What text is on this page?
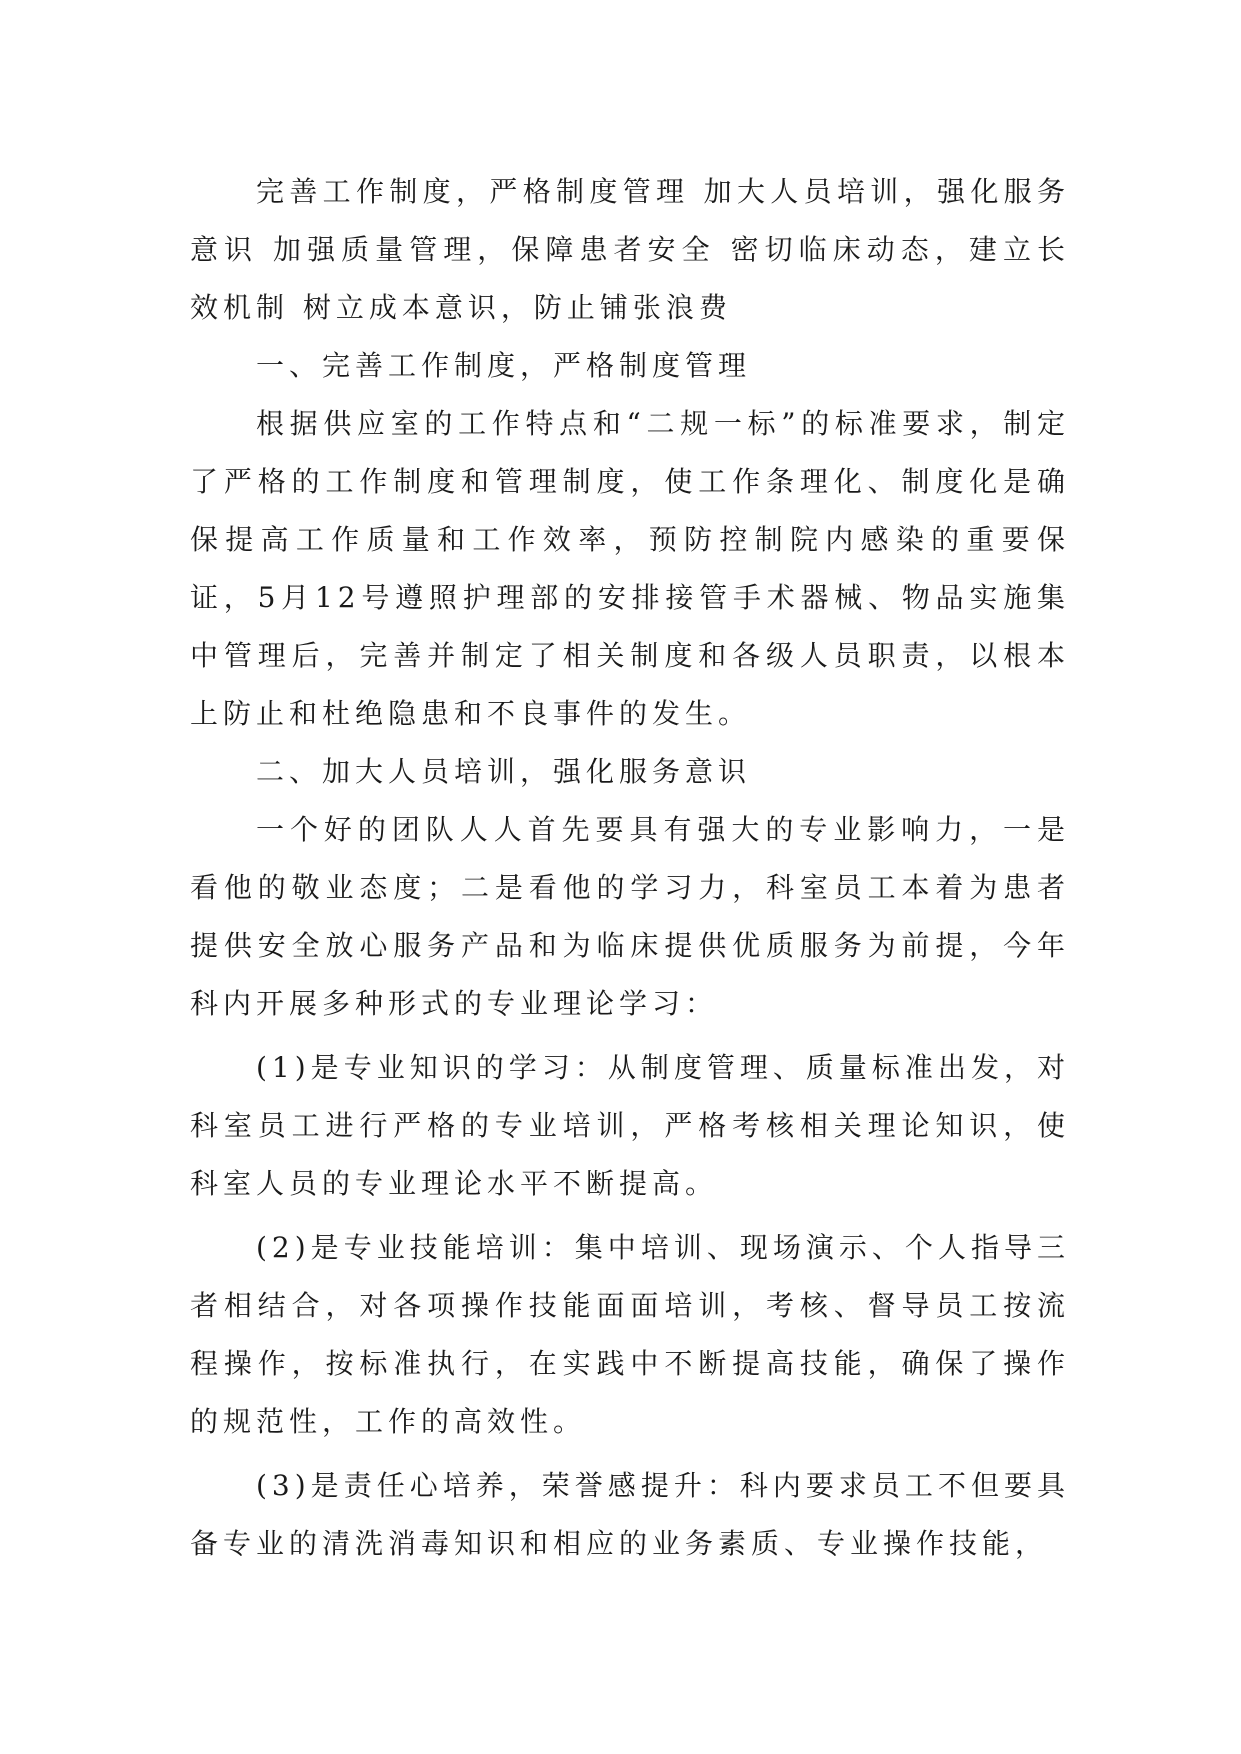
完善工作制度，严格制度管理 加大人员培训，强化服务意识 加强质量管理，保障患者安全 密切临床动态，建立长效机制 树立成本意识，防止铺张浪费

一、完善工作制度，严格制度管理

根据供应室的工作特点和“二规一标”的标准要求，制定了严格的工作制度和管理制度，使工作条理化、制度化是确保提高工作质量和工作效率，预防控制院内感染的重要保证，5月12号遵照护理部的安排接管手术器械、物品实施集中管理后，完善并制定了相关制度和各级人员职责，以根本上防止和杜绝隐患和不良事件的发生。

二、加大人员培训，强化服务意识

一个好的团队人人首先要具有强大的专业影响力，一是看他的敬业态度；二是看他的学习力，科室员工本着为患者提供安全放心服务产品和为临床提供优质服务为前提，今年科内开展多种形式的专业理论学习：

(1)是专业知识的学习：从制度管理、质量标准出发，对科室员工进行严格的专业培训，严格考核相关理论知识，使科室人员的专业理论水平不断提高。

(2)是专业技能培训：集中培训、现场演示、个人指导三者相结合，对各项操作技能面面培训，考核、督导员工按流程操作，按标准执行，在实践中不断提高技能，确保了操作的规范性，工作的高效性。

(3)是责任心培养，荣誉感提升：科内要求员工不但要具备专业的清洗消毒知识和相应的业务素质、专业操作技能，
